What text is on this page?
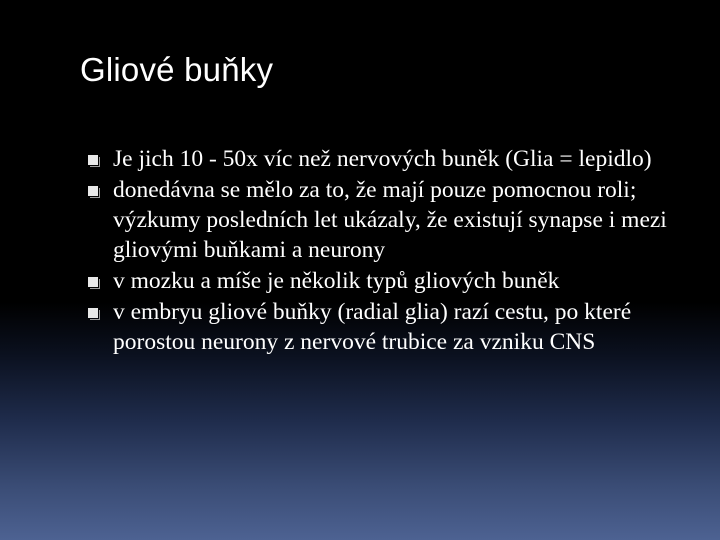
Gliové buňky
Je jich 10 - 50x víc než nervových buněk (Glia = lepidlo)
donedávna se mělo za to, že mají pouze pomocnou roli; výzkumy posledních let ukázaly, že existují synapse i mezi gliovými buňkami a neurony
v mozku a míše je několik typů gliových buněk
v embryu gliové buňky (radial glia) razí cestu, po které porostou neurony z nervové trubice za vzniku CNS
